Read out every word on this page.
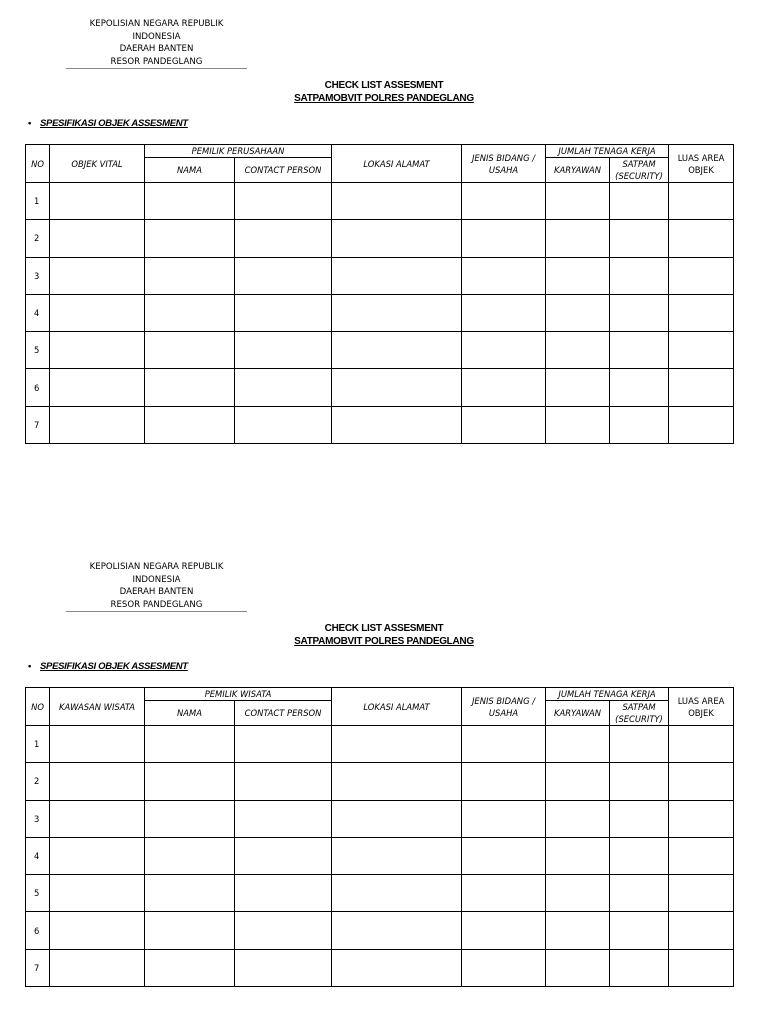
KEPOLISIAN NEGARA REPUBLIK INDONESIA
DAERAH BANTEN
RESOR PANDEGLANG
CHECK LIST ASSESMENT
SATPAMOBVIT POLRES PANDEGLANG
• SPESIFIKASI OBJEK ASSESMENT
NO	OBJEK VITAL	PEMILIK PERUSAHAAN		LOKASI ALAMAT	JENIS BIDANG / USAHA	JUMLAH TENAGA KERJA		LUAS AREA OBJEK
		NAMA	CONTACT PERSON			KARYAWAN	SATPAM (SECURITY)	
1								
2								
3								
4								
5								
6								
7								
KEPOLISIAN NEGARA REPUBLIK INDONESIA
DAERAH BANTEN
RESOR PANDEGLANG
CHECK LIST ASSESMENT
SATPAMOBVIT POLRES PANDEGLANG
• SPESIFIKASI OBJEK ASSESMENT
NO	KAWASAN WISATA	PEMILIK WISATA		LOKASI ALAMAT	JENIS BIDANG / USAHA	JUMLAH TENAGA KERJA		LUAS AREA OBJEK
		NAMA	CONTACT PERSON			KARYAWAN	SATPAM (SECURITY)	
1								
2								
3								
4								
5								
6								
7								
